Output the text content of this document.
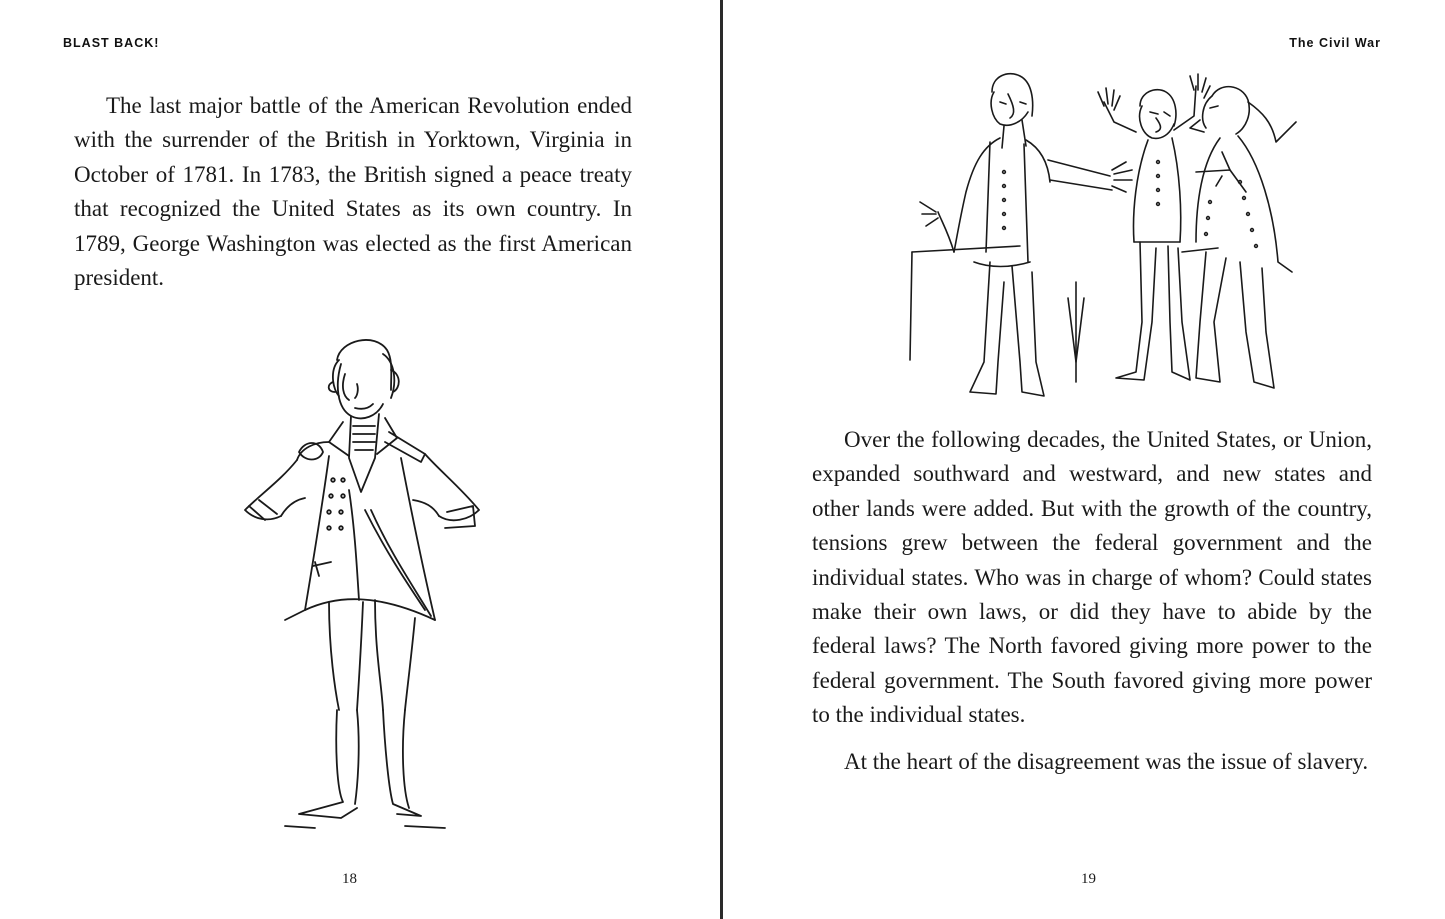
BLAST BACK!

The last major battle of the American Revolution ended with the surrender of the British in Yorktown, Virginia in October of 1781. In 1783, the British signed a peace treaty that recognized the United States as its own country. In 1789, George Washington was elected as the first American president.

18
The Civil War

Over the following decades, the United States, or Union, expanded southward and westward, and new states and other lands were added. But with the growth of the country, tensions grew between the federal government and the individual states. Who was in charge of whom? Could states make their own laws, or did they have to abide by the federal laws? The North favored giving more power to the federal government. The South favored giving more power to the individual states.

At the heart of the disagreement was the issue of slavery.

19
